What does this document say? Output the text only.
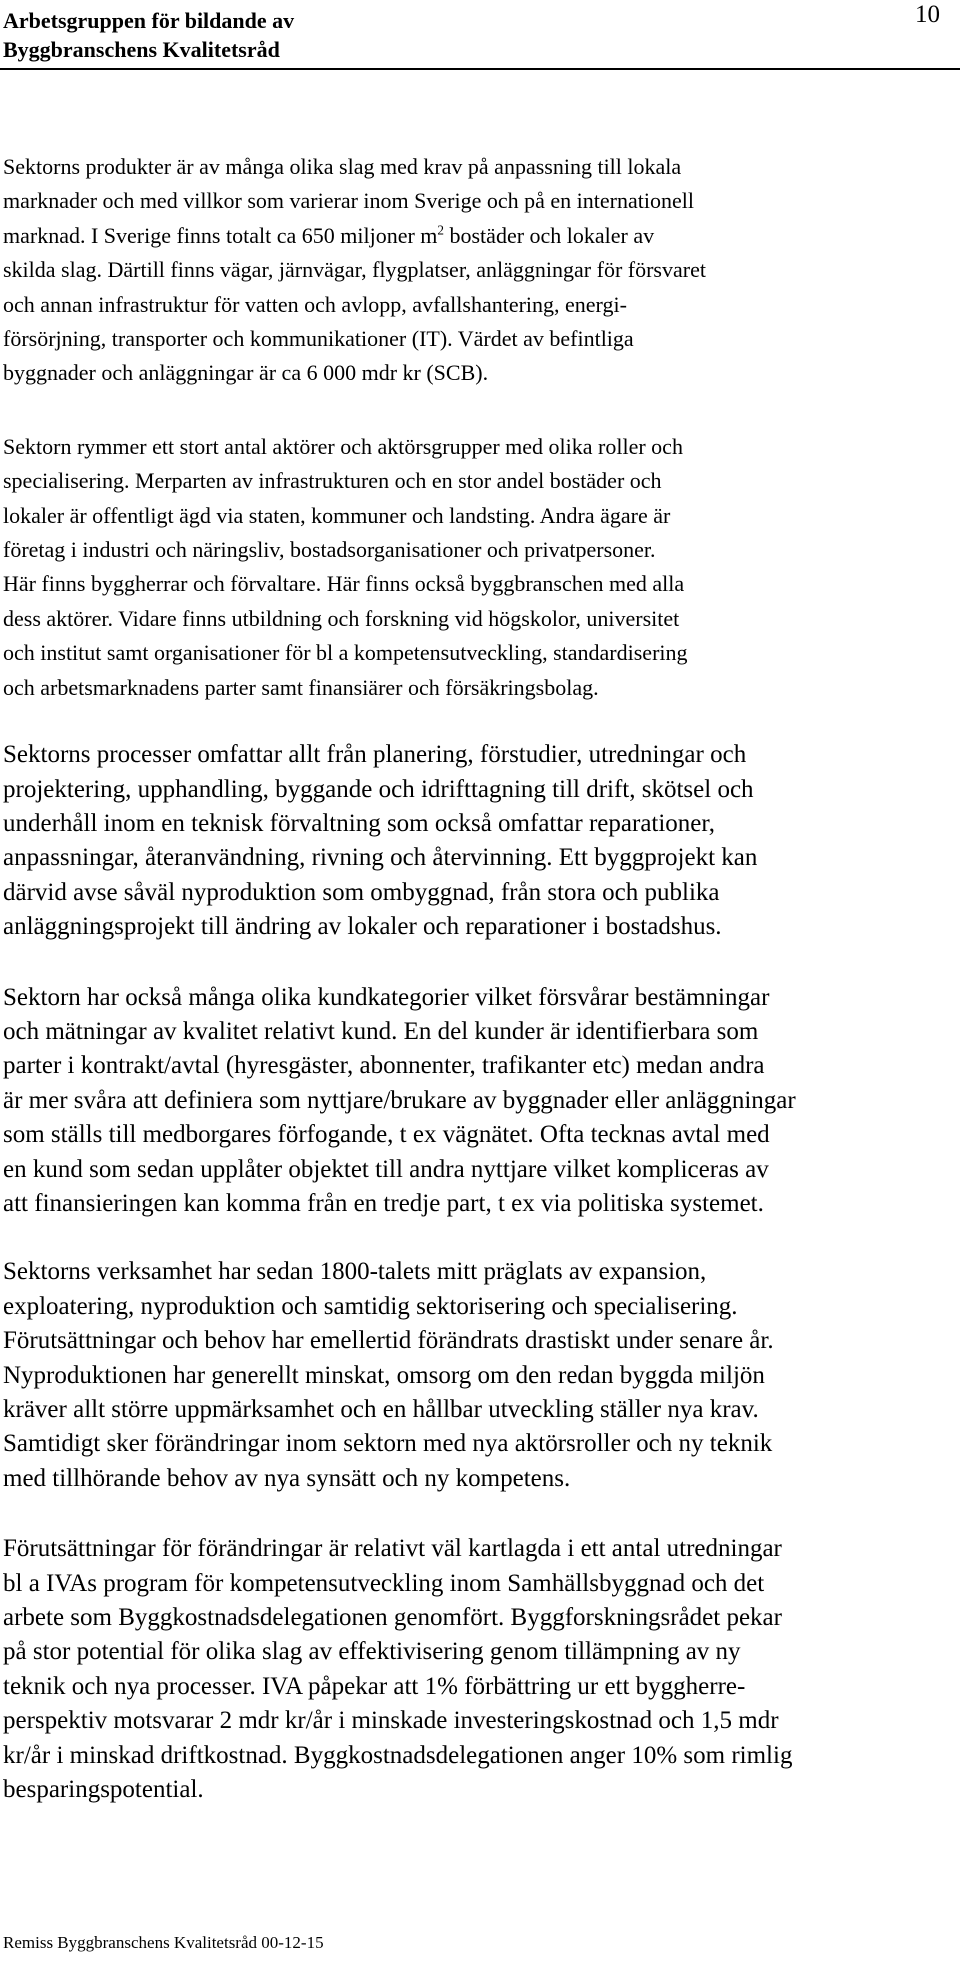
Arbetsgruppen för bildande av
Byggbranschens Kvalitetsråd
10

Sektorns produkter är av många olika slag med krav på anpassning till lokala
marknader och med villkor som varierar inom Sverige och på en internationell
marknad. I Sverige finns totalt ca 650 miljoner $m^2$ bostäder och lokaler av
skilda slag. Därtill finns vägar, järnvägar, flygplatser, anläggningar för försvaret
och annan infrastruktur för vatten och avlopp, avfallshantering, energi-
försörjning, transporter och kommunikationer (IT). Värdet av befintliga
byggnader och anläggningar är ca 6 000 mdr kr (SCB).

Sektorn rymmer ett stort antal aktörer och aktörsgrupper med olika roller och
specialisering. Merparten av infrastrukturen och en stor andel bostäder och
lokaler är offentligt ägd via staten, kommuner och landsting. Andra ägare är
företag i industri och näringsliv, bostadsorganisationer och privatpersoner.
Här finns byggherrar och förvaltare. Här finns också byggbranschen med alla
dess aktörer. Vidare finns utbildning och forskning vid högskolor, universitet
och institut samt organisationer för bl a kompetensutveckling, standardisering
och arbetsmarknadens parter samt finansiärer och försäkringsbolag.

Sektorns processer omfattar allt från planering, förstudier, utredningar och
projektering, upphandling, byggande och idrifttagning till drift, skötsel och
underhåll inom en teknisk förvaltning som också omfattar reparationer,
anpassningar, återanvändning, rivning och återvinning. Ett byggprojekt kan
därvid avse såväl nyproduktion som ombyggnad, från stora och publika
anläggningsprojekt till ändring av lokaler och reparationer i bostadshus.

Sektorn har också många olika kundkategorier vilket försvårar bestämningar
och mätningar av kvalitet relativt kund. En del kunder är identifierbara som
parter i kontrakt/avtal (hyresgäster, abonnenter, trafikanter etc) medan andra
är mer svåra att definiera som nyttjare/brukare av byggnader eller anläggningar
som ställs till medborgares förfogande, t ex vägnätet. Ofta tecknas avtal med
en kund som sedan upplåter objektet till andra nyttjare vilket kompliceras av
att finansieringen kan komma från en tredje part, t ex via politiska systemet.

Sektorns verksamhet har sedan 1800-talets mitt präglats av expansion,
exploatering, nyproduktion och samtidig sektorisering och specialisering.
Förutsättningar och behov har emellertid förändrats drastiskt under senare år.
Nyproduktionen har generellt minskat, omsorg om den redan byggda miljön
kräver allt större uppmärksamhet och en hållbar utveckling ställer nya krav.
Samtidigt sker förändringar inom sektorn med nya aktörsroller och ny teknik
med tillhörande behov av nya synsätt och ny kompetens.

Förutsättningar för förändringar är relativt väl kartlagda i ett antal utredningar
bl a IVAs program för kompetensutveckling inom Samhällsbyggnad och det
arbete som Byggkostnadsdelegationen genomfört. Byggforskningsrådet pekar
på stor potential för olika slag av effektivisering genom tillämpning av ny
teknik och nya processer. IVA påpekar att 1% förbättring ur ett byggherre-
perspektiv motsvarar 2 mdr kr/år i minskade investeringskostnad och 1,5 mdr
kr/år i minskad driftkostnad. Byggkostnadsdelegationen anger 10% som rimlig
besparingspotential.

Remiss Byggbranschens Kvalitetsråd 00-12-15
